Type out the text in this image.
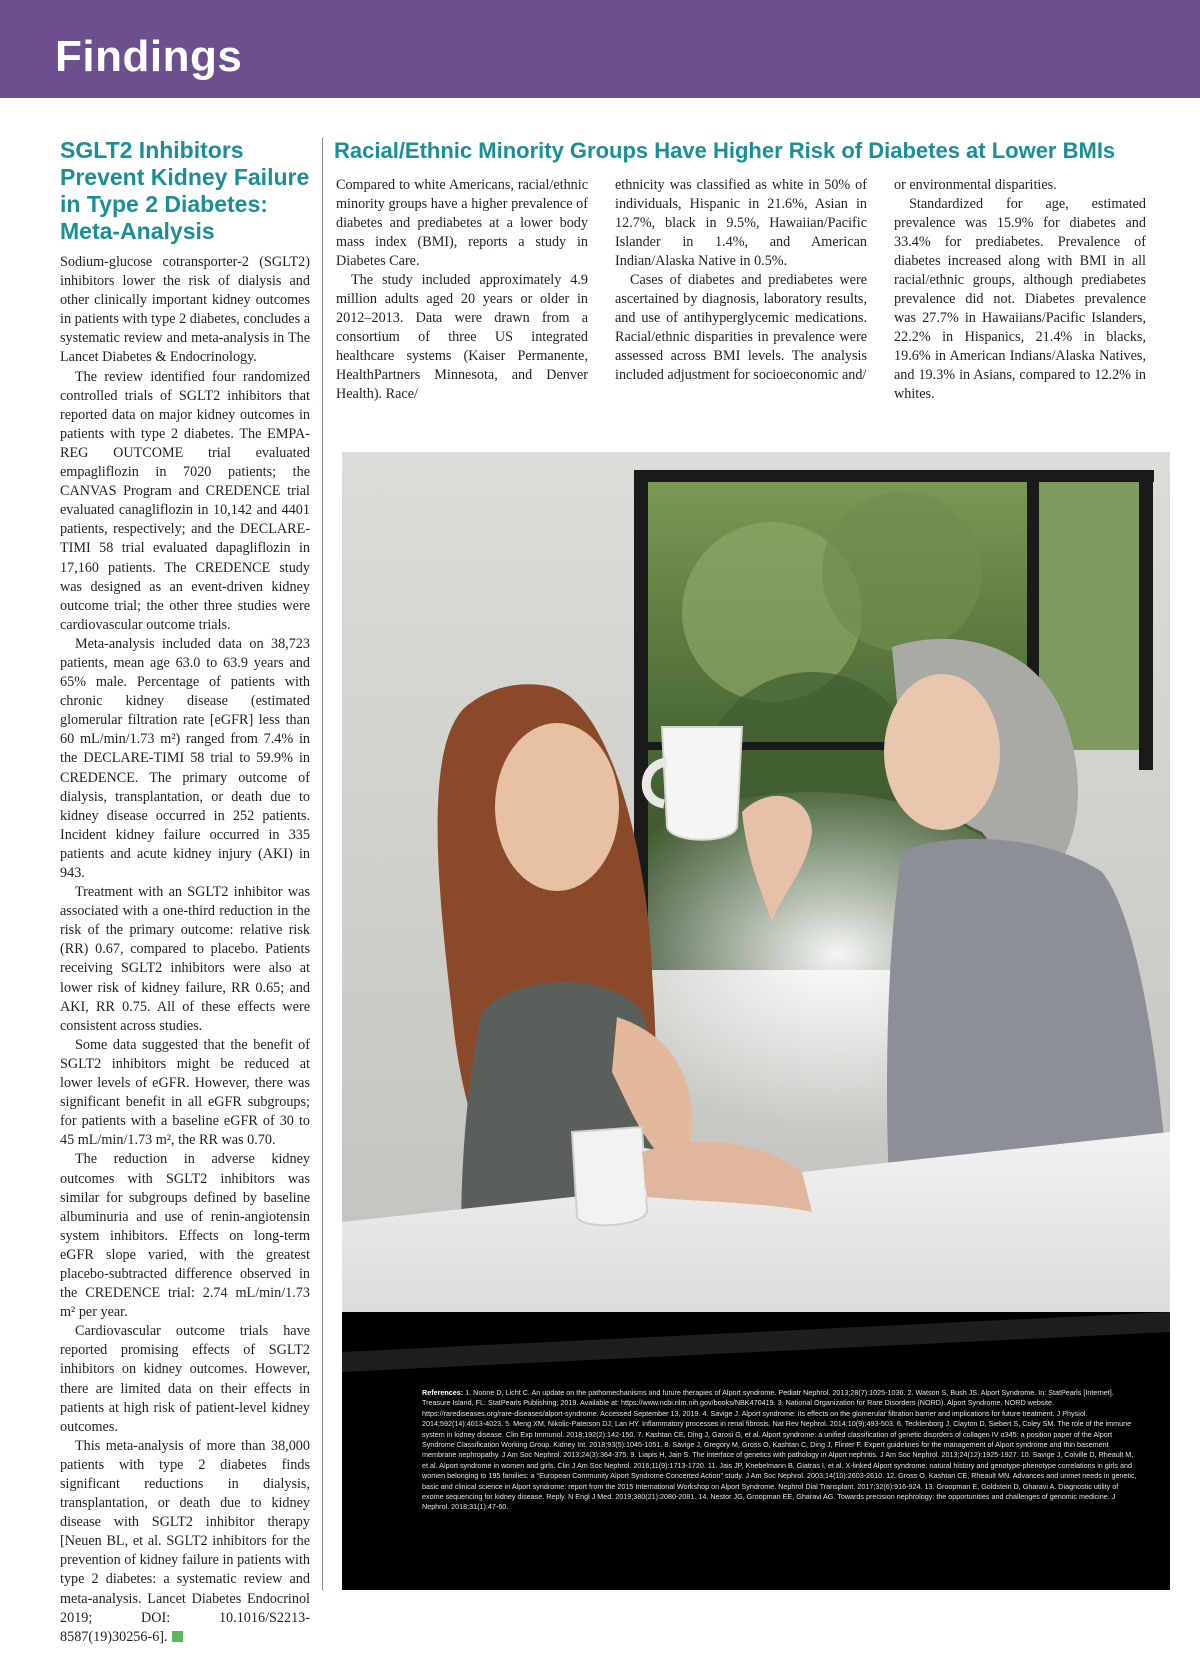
Findings
SGLT2 Inhibitors Prevent Kidney Failure in Type 2 Diabetes: Meta-Analysis

Sodium-glucose cotransporter-2 (SGLT2) inhibitors lower the risk of dialysis and other clinically important kidney outcomes in patients with type 2 diabetes, concludes a systematic review and meta-analysis in The Lancet Diabetes & Endocrinology.

The review identified four randomized controlled trials of SGLT2 inhibitors that reported data on major kidney outcomes in patients with type 2 diabetes. The EMPA-REG OUTCOME trial evaluated empagliflozin in 7020 patients; the CANVAS Program and CREDENCE trial evaluated canagliflozin in 10,142 and 4401 patients, respectively; and the DECLARE-TIMI 58 trial evaluated dapagliflozin in 17,160 patients. The CREDENCE study was designed as an event-driven kidney outcome trial; the other three studies were cardiovascular outcome trials.

Meta-analysis included data on 38,723 patients, mean age 63.0 to 63.9 years and 65% male. Percentage of patients with chronic kidney disease (estimated glomerular filtration rate [eGFR] less than 60 mL/min/1.73 m²) ranged from 7.4% in the DECLARE-TIMI 58 trial to 59.9% in CREDENCE. The primary outcome of dialysis, transplantation, or death due to kidney disease occurred in 252 patients. Incident kidney failure occurred in 335 patients and acute kidney injury (AKI) in 943.

Treatment with an SGLT2 inhibitor was associated with a one-third reduction in the risk of the primary outcome: relative risk (RR) 0.67, compared to placebo. Patients receiving SGLT2 inhibitors were also at lower risk of kidney failure, RR 0.65; and AKI, RR 0.75. All of these effects were consistent across studies.

Some data suggested that the benefit of SGLT2 inhibitors might be reduced at lower levels of eGFR. However, there was significant benefit in all eGFR subgroups; for patients with a baseline eGFR of 30 to 45 mL/min/1.73 m², the RR was 0.70.

The reduction in adverse kidney outcomes with SGLT2 inhibitors was similar for subgroups defined by baseline albuminuria and use of renin-angiotensin system inhibitors. Effects on long-term eGFR slope varied, with the greatest placebo-subtracted difference observed in the CREDENCE trial: 2.74 mL/min/1.73 m² per year.

Cardiovascular outcome trials have reported promising effects of SGLT2 inhibitors on kidney outcomes. However, there are limited data on their effects in patients at high risk of patient-level kidney outcomes.

This meta-analysis of more than 38,000 patients with type 2 diabetes finds significant reductions in dialysis, transplantation, or death due to kidney disease with SGLT2 inhibitor therapy [Neuen BL, et al. SGLT2 inhibitors for the prevention of kidney failure in patients with type 2 diabetes: a systematic review and meta-analysis. Lancet Diabetes Endocrinol 2019; DOI: 10.1016/S2213-8587(19)30256-6].

Racial/Ethnic Minority Groups Have Higher Risk of Diabetes at Lower BMIs

Compared to white Americans, racial/ethnic minority groups have a higher prevalence of diabetes and prediabetes at a lower body mass index (BMI), reports a study in Diabetes Care.

The study included approximately 4.9 million adults aged 20 years or older in 2012–2013. Data were drawn from a consortium of three US integrated healthcare systems (Kaiser Permanente, HealthPartners Minnesota, and Denver Health). Race/

ethnicity was classified as white in 50% of individuals, Hispanic in 21.6%, Asian in 12.7%, black in 9.5%, Hawaiian/Pacific Islander in 1.4%, and American Indian/Alaska Native in 0.5%.

Cases of diabetes and prediabetes were ascertained by diagnosis, laboratory results, and use of antihyperglycemic medications. Racial/ethnic disparities in prevalence were assessed across BMI levels. The analysis included adjustment for socioeconomic and/

or environmental disparities.

Standardized for age, estimated prevalence was 15.9% for diabetes and 33.4% for prediabetes. Prevalence of diabetes increased along with BMI in all racial/ethnic groups, although prediabetes prevalence did not. Diabetes prevalence was 27.7% in Hawaiians/Pacific Islanders, 22.2% in Hispanics, 21.4% in blacks, 19.6% in American Indians/Alaska Natives, and 19.3% in Asians, compared to 12.2% in whites.

References: 1. Noone D, Licht C. An update on the pathomechanisms and future therapies of Alport syndrome. Pediatr Nephrol. 2013;28(7):1025-1036. 2. Watson S, Bush JS. Alport Syndrome. In: StatPearls [Internet]. Treasure Island, FL: StatPearls Publishing; 2019. Available at: https://www.ncbi.nlm.nih.gov/books/NBK470419. 3. National Organization for Rare Disorders (NORD). Alport Syndrome. NORD website. https://rarediseases.org/rare-diseases/alport-syndrome. Accessed September 13, 2019. 4. Savige J. Alport syndrome: its effects on the glomerular filtration barrier and implications for future treatment. J Physiol. 2014;592(14):4013-4023. 5. Meng XM, Nikolic-Paterson DJ, Lan HY. Inflammatory processes in renal fibrosis. Nat Rev Nephrol. 2014;10(9):493-503. 6. Tecklenborg J, Clayton D, Siebert S, Coley SM. The role of the immune system in kidney disease. Clin Exp Immunol. 2018;192(2):142-150. 7. Kashtan CE, Ding J, Garosi G, et al. Alport syndrome: a unified classification of genetic disorders of collagen IV α345: a position paper of the Alport Syndrome Classification Working Group. Kidney Int. 2018;93(5):1045-1051. 8. Savige J, Gregory M, Gross O, Kashtan C, Ding J, Flinter F. Expert guidelines for the management of Alport syndrome and thin basement membrane nephropathy. J Am Soc Nephrol. 2013;24(3):364-375. 9. Liapis H, Jain S. The interface of genetics with pathology in Alport nephritis. J Am Soc Nephrol. 2013;24(12):1925-1927. 10. Savige J, Colville D, Rheault M, et al. Alport syndrome in women and girls. Clin J Am Soc Nephrol. 2016;11(9):1713-1720. 11. Jais JP, Knebelmann B, Giatras I, et al. X-linked Alport syndrome: natural history and genotype-phenotype correlations in girls and women belonging to 195 families: a “European Community Alport Syndrome Concerted Action” study. J Am Soc Nephrol. 2003;14(10):2603-2610. 12. Gross O, Kashtan CE, Rheault MN. Advances and unmet needs in genetic, basic and clinical science in Alport syndrome: report from the 2015 International Workshop on Alport Syndrome. Nephrol Dial Transplant. 2017;32(6):916-924. 13. Groopman E, Goldstein D, Gharavi A. Diagnostic utility of exome sequencing for kidney disease. Reply. N Engl J Med. 2019;380(21):2080-2081. 14. Nestor JG, Groopman EE, Gharavi AG. Towards precision nephrology: the opportunities and challenges of genomic medicine. J Nephrol. 2018;31(1):47-60.
